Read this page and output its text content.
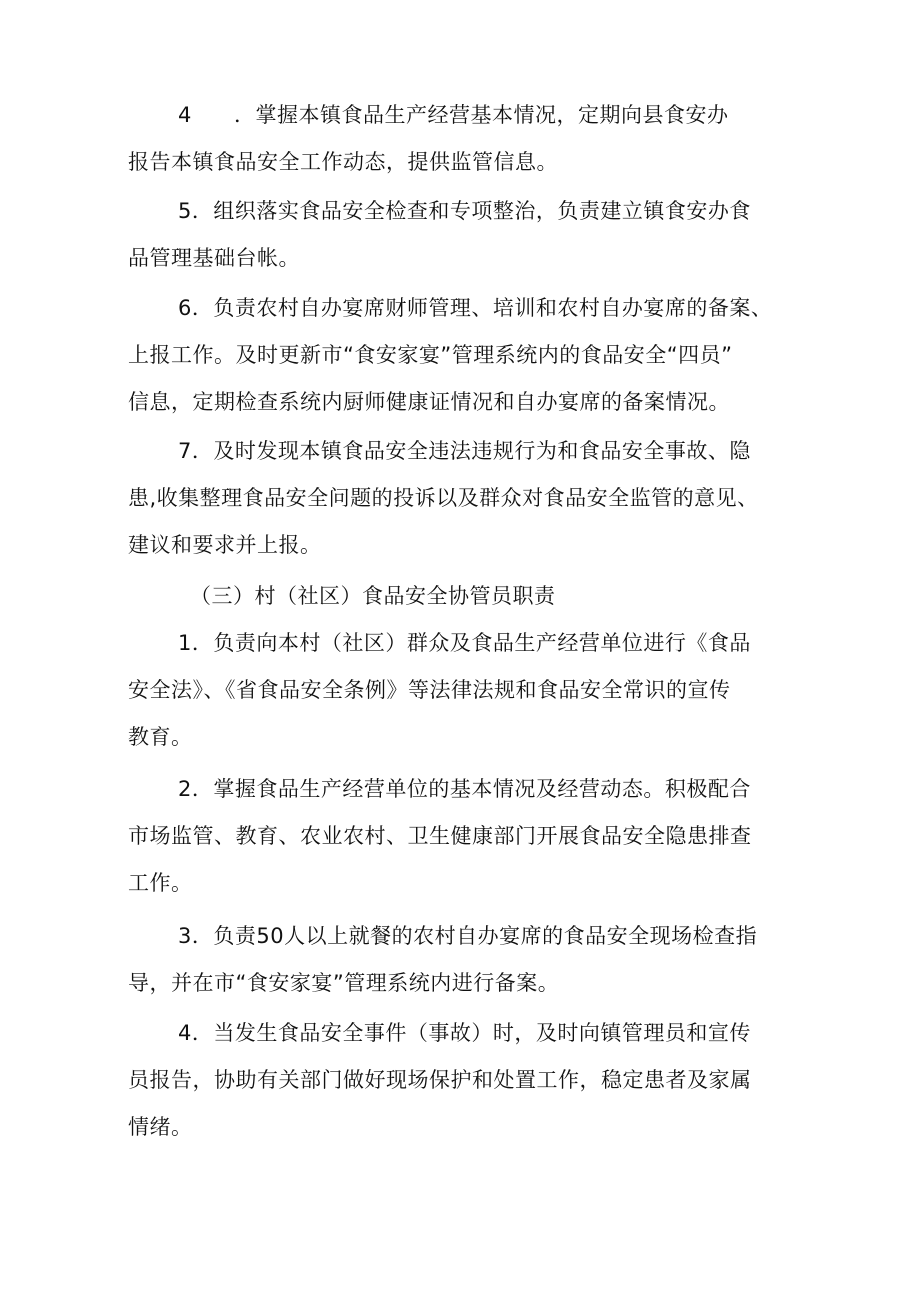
4 ．掌握本镇食品生产经营基本情况，定期向县食安办
报告本镇食品安全工作动态，提供监管信息。
5．组织落实食品安全检查和专项整治，负责建立镇食安办食
品管理基础台帐。
6．负责农村自办宴席财师管理、培训和农村自办宴席的备案、
上报工作。及时更新市“食安家宴”管理系统内的食品安全“四员”
信息，定期检查系统内厨师健康证情况和自办宴席的备案情况。
7．及时发现本镇食品安全违法违规行为和食品安全事故、隐
患,收集整理食品安全问题的投诉以及群众对食品安全监管的意见、
建议和要求并上报。
（三）村（社区）食品安全协管员职责
1．负责向本村（社区）群众及食品生产经营单位进行《食品
安全法》、《省食品安全条例》等法律法规和食品安全常识的宣传
教育。
2．掌握食品生产经营单位的基本情况及经营动态。积极配合
市场监管、教育、农业农村、卫生健康部门开展食品安全隐患排查
工作。
3．负责50人以上就餐的农村自办宴席的食品安全现场检查指
导，并在市“食安家宴”管理系统内进行备案。
4．当发生食品安全事件（事故）时，及时向镇管理员和宣传
员报告，协助有关部门做好现场保护和处置工作，稳定患者及家属
情绪。
